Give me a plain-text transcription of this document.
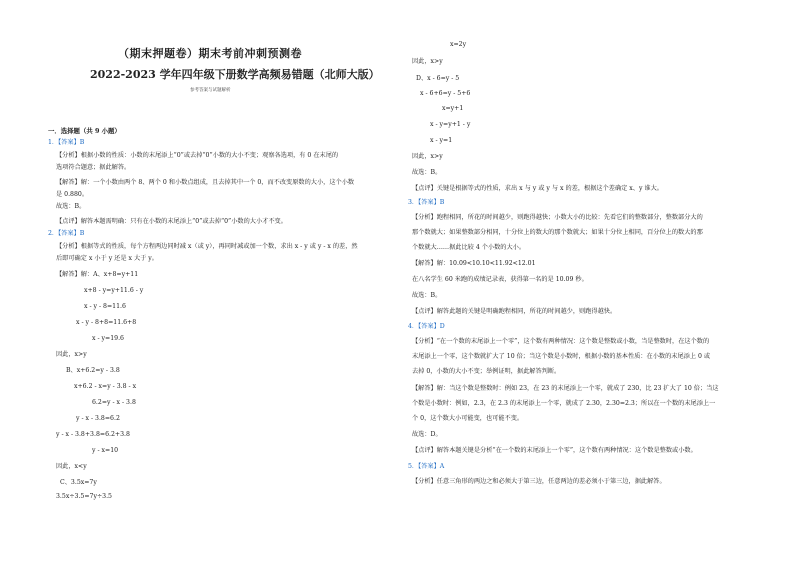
（期末押题卷）期末考前冲刺预测卷
2022-2023 学年四年级下册数学高频易错题（北师大版）
参考答案与试题解析
一．选择题（共 9 小题）
1．【答案】B
【分析】根据小数的性质：小数的末尾添上“0”或去掉“0”小数的大小不变；观察各选项，有 0 在末尾的
选项符合题意；据此解答。
【解答】解：一个小数由两个 8、两个 0 和小数点组成，且去掉其中一个 0，而不改变原数的大小，这个小数
是 0.880。
故选：B。
【点评】解答本题需明确：只有在小数的末尾添上“0”或去掉“0”小数的大小才不变。
2．【答案】B
【分析】根据等式的性质，每个方程两边同时减 x（或 y），再同时减或加一个数，求出 x - y 或 y - x 的差，然
后即可确定 x 小于 y 还是 x 大于 y。
【解答】解：A、x+8=y+11
x+8 - y=y+11.6 - y
x - y - 8=11.6
x - y - 8+8=11.6+8
x - y=19.6
因此，x>y
B、x+6.2=y - 3.8
x+6.2 - x=y - 3.8 - x
6.2=y - x - 3.8
y - x - 3.8=6.2
y - x - 3.8+3.8=6.2+3.8
y - x=10
因此，x<y
C、3.5x=7y
3.5x÷3.5=7y÷3.5
x=2y
因此，x>y
D、x - 6=y - 5
x - 6+6=y - 5+6
x=y+1
x - y=y+1 - y
x - y=1
因此，x>y
故选：B。
【点评】关键是根据等式的性质，求出 x 与 y 或 y 与 x 的差，根据这个差确定 x、y 谁大。
3．【答案】B
【分析】跑程相同，所花的时间越少，则跑得越快；小数大小的比较：先看它们的整数部分，整数部分大的
那个数就大；如果整数部分相同，十分位上的数大的那个数就大；如果十分位上相同，百分位上的数大的那
个数就大……据此比较 4 个小数的大小。
【解答】解：10.09<10.10<11.92<12.01
在八名学生 60 米跑的成绩记录表，获得第一名的是 10.09 秒。
故选：B。
【点评】解答此题的关键是明确跑程相同，所花的时间越少，则跑得越快。
4．【答案】D
【分析】“在一个数的末尾添上一个零”，这个数有两种情况：这个数是整数或小数，当是整数时，在这个数的
末尾添上一个零，这个数就扩大了 10 倍；当这个数是小数时，根据小数的基本性质：在小数的末尾添上 0 或
去掉 0，小数的大小不变；举例证明，据此解答判断。
【解答】解：当这个数是整数时：例如 23，在 23 的末尾添上一个零，就成了 230，比 23 扩大了 10 倍；当这
个数是小数时：例如，2.3，在 2.3 的末尾添上一个零，就成了 2.30，2.30=2.3；所以在一个数的末尾添上一
个 0，这个数大小可能变，也可能不变。
故选：D。
【点评】解答本题关键是分析“在一个数的末尾添上一个零”，这个数有两种情况：这个数是整数或小数。
5．【答案】A
【分析】任意三角形的两边之和必须大于第三边，任意两边的差必须小于第三边，据此解答。
